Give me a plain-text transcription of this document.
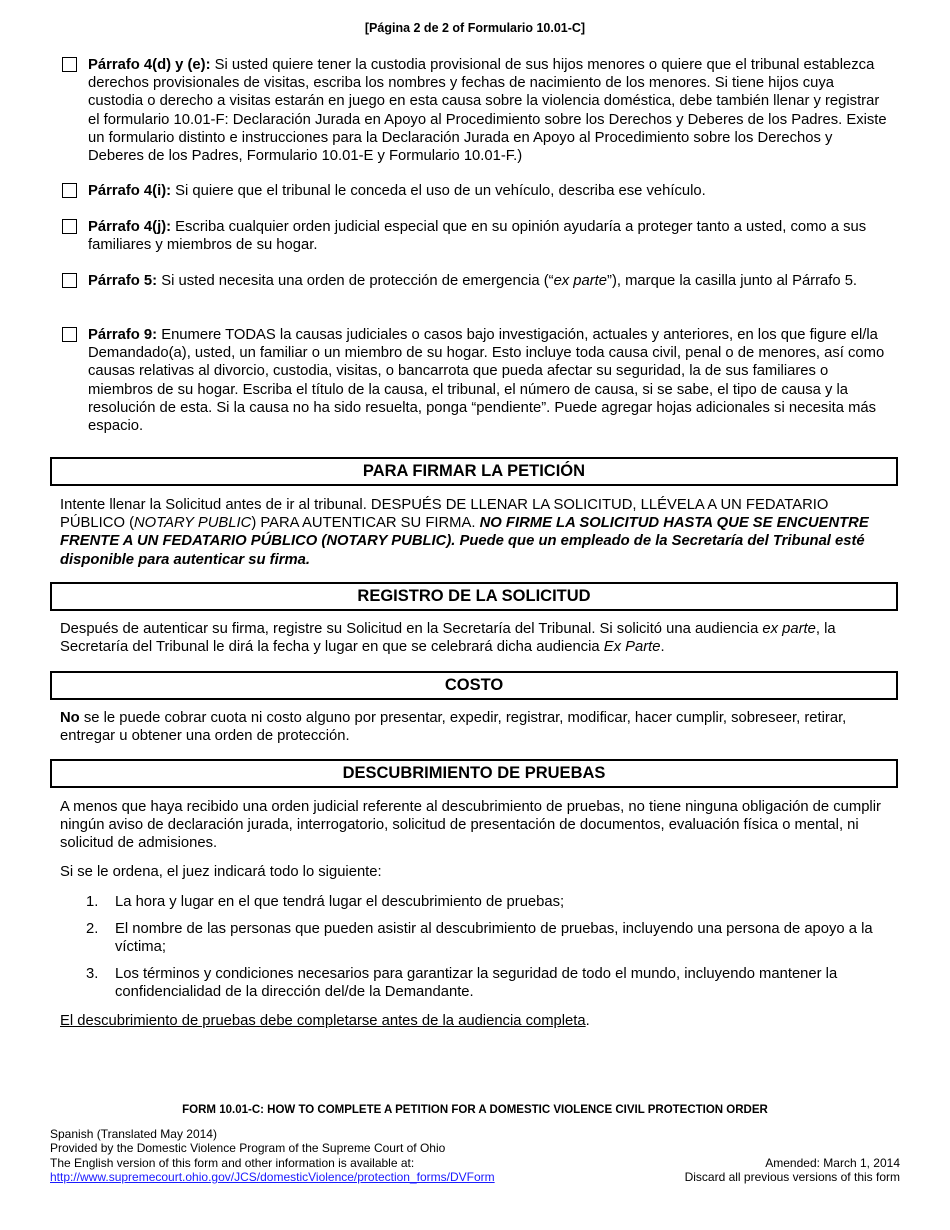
[Página 2 de 2 of Formulario 10.01-C]
Párrafo 4(d) y (e): Si usted quiere tener la custodia provisional de sus hijos menores o quiere que el tribunal establezca derechos provisionales de visitas, escriba los nombres y fechas de nacimiento de los menores. Si tiene hijos cuya custodia o derecho a visitas estarán en juego en esta causa sobre la violencia doméstica, debe también llenar y registrar el formulario 10.01-F: Declaración Jurada en Apoyo al Procedimiento sobre los Derechos y Deberes de los Padres. Existe un formulario distinto e instrucciones para la Declaración Jurada en Apoyo al Procedimiento sobre los Derechos y Deberes de los Padres, Formulario 10.01-E y Formulario 10.01-F.)
Párrafo 4(i): Si quiere que el tribunal le conceda el uso de un vehículo, describa ese vehículo.
Párrafo 4(j): Escriba cualquier orden judicial especial que en su opinión ayudaría a proteger tanto a usted, como a sus familiares y miembros de su hogar.
Párrafo 5: Si usted necesita una orden de protección de emergencia (“ex parte”), marque la casilla junto al Párrafo 5.
Párrafo 9: Enumere TODAS la causas judiciales o casos bajo investigación, actuales y anteriores, en los que figure el/la Demandado(a), usted, un familiar o un miembro de su hogar. Esto incluye toda causa civil, penal o de menores, así como causas relativas al divorcio, custodia, visitas, o bancarrota que pueda afectar su seguridad, la de sus familiares o miembros de su hogar. Escriba el título de la causa, el tribunal, el número de causa, si se sabe, el tipo de causa y la resolución de esta. Si la causa no ha sido resuelta, ponga “pendiente”. Puede agregar hojas adicionales si necesita más espacio.
PARA FIRMAR LA PETICIÓN
Intente llenar la Solicitud antes de ir al tribunal. DESPUÉS DE LLENAR LA SOLICITUD, LLÉVELA A UN FEDATARIO PÚBLICO (NOTARY PUBLIC) PARA AUTENTICAR SU FIRMA. NO FIRME LA SOLICITUD HASTA QUE SE ENCUENTRE FRENTE A UN FEDATARIO PÚBLICO (NOTARY PUBLIC). Puede que un empleado de la Secretaría del Tribunal esté disponible para autenticar su firma.
REGISTRO DE LA SOLICITUD
Después de autenticar su firma, registre su Solicitud en la Secretaría del Tribunal. Si solicitó una audiencia ex parte, la Secretaría del Tribunal le dirá la fecha y lugar en que se celebrará dicha audiencia Ex Parte.
COSTO
No se le puede cobrar cuota ni costo alguno por presentar, expedir, registrar, modificar, hacer cumplir, sobreseer, retirar, entregar u obtener una orden de protección.
DESCUBRIMIENTO DE PRUEBAS
A menos que haya recibido una orden judicial referente al descubrimiento de pruebas, no tiene ninguna obligación de cumplir ningún aviso de declaración jurada, interrogatorio, solicitud de presentación de documentos, evaluación física o mental, ni solicitud de admisiones.
Si se le ordena, el juez indicará todo lo siguiente:
1. La hora y lugar en el que tendrá lugar el descubrimiento de pruebas;
2. El nombre de las personas que pueden asistir al descubrimiento de pruebas, incluyendo una persona de apoyo a la víctima;
3. Los términos y condiciones necesarios para garantizar la seguridad de todo el mundo, incluyendo mantener la confidencialidad de la dirección del/de la Demandante.
El descubrimiento de pruebas debe completarse antes de la audiencia completa.
FORM 10.01-C: HOW TO COMPLETE A PETITION FOR A DOMESTIC VIOLENCE CIVIL PROTECTION ORDER
Spanish (Translated May 2014)
Provided by the Domestic Violence Program of the Supreme Court of Ohio
The English version of this form and other information is available at:
http://www.supremecourt.ohio.gov/JCS/domesticViolence/protection_forms/DVForm
Amended: March 1, 2014
Discard all previous versions of this form
